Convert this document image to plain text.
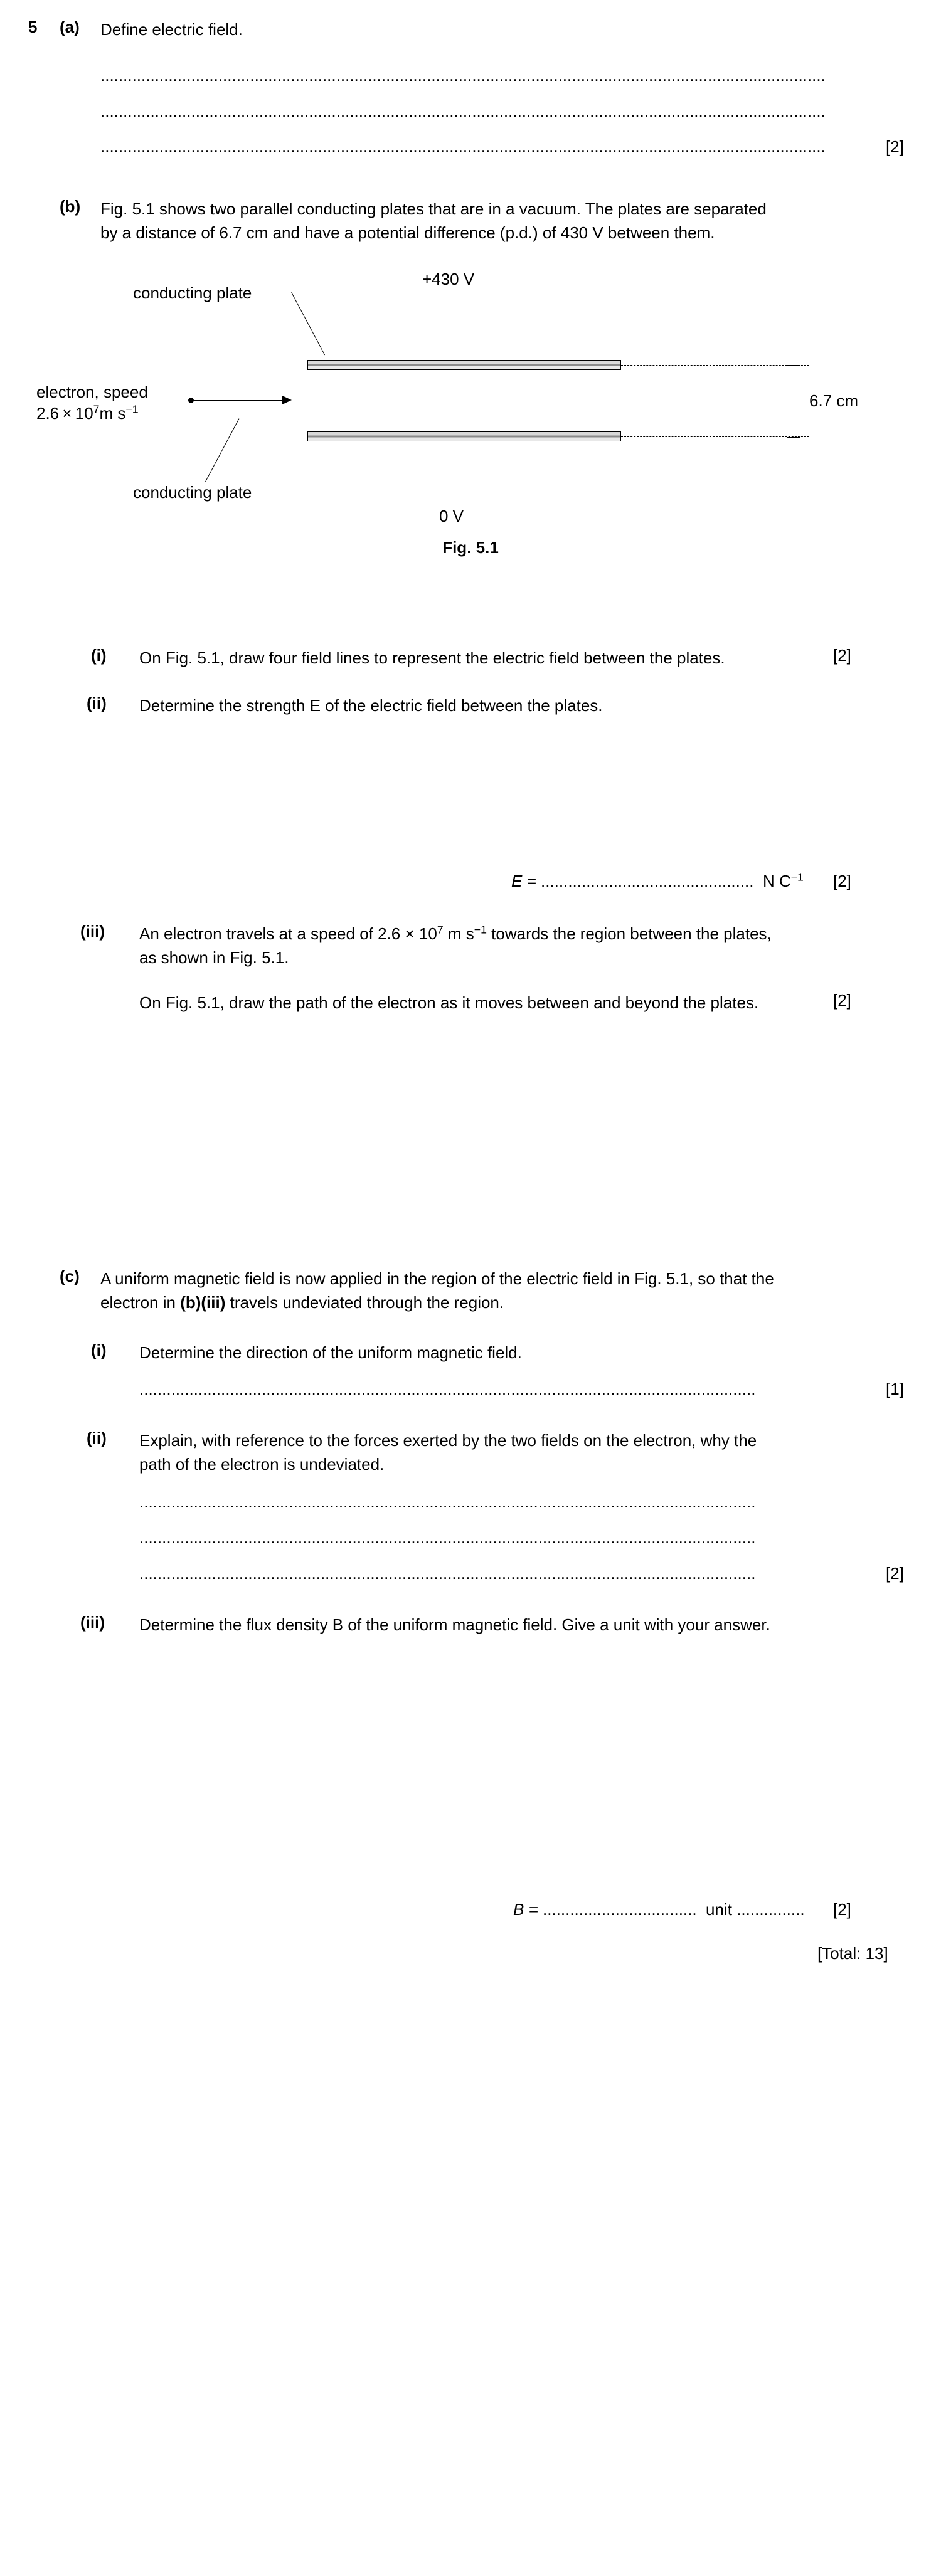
5 (a) Define electric field.
................................................................................................................................................................
................................................................................................................................................................
................................................................................................................................................................	[2]
(b) Fig. 5.1 shows two parallel conducting plates that are in a vacuum. The plates are separated
by a distance of 6.7 cm and have a potential difference (p.d.) of 430 V between them.
+430 V
conducting plate
6.7 cm
0 V
conducting plate
electron, speed
$2.6 \times 10^7m$ $s^{-1}$
Fig. 5.1
(i) On Fig. 5.1, draw four field lines to represent the electric field between the plates.	[2]
(ii) Determine the strength E of the electric field between the plates.
E = ............................................... N $C^{-1}$ [2]
(iii) An electron travels at a speed of $2.6 \times 10^7$ m $s^{-1}$ towards the region between the plates,
as shown in Fig. 5.1.
On Fig. 5.1, draw the path of the electron as it moves between and beyond the plates.	[2]
(c) A uniform magnetic field is now applied in the region of the electric field in Fig. 5.1, so that the
electron in (b)(iii) travels undeviated through the region.
(i) Determine the direction of the uniform magnetic field.
........................................................................................................................................	[1]
(ii) Explain, with reference to the forces exerted by the two fields on the electron, why the
path of the electron is undeviated.
........................................................................................................................................
........................................................................................................................................
........................................................................................................................................	[2]
(iii) Determine the flux density B of the uniform magnetic field. Give a unit with your answer.
B = .................................. unit ............... [2]
[Total: 13]
